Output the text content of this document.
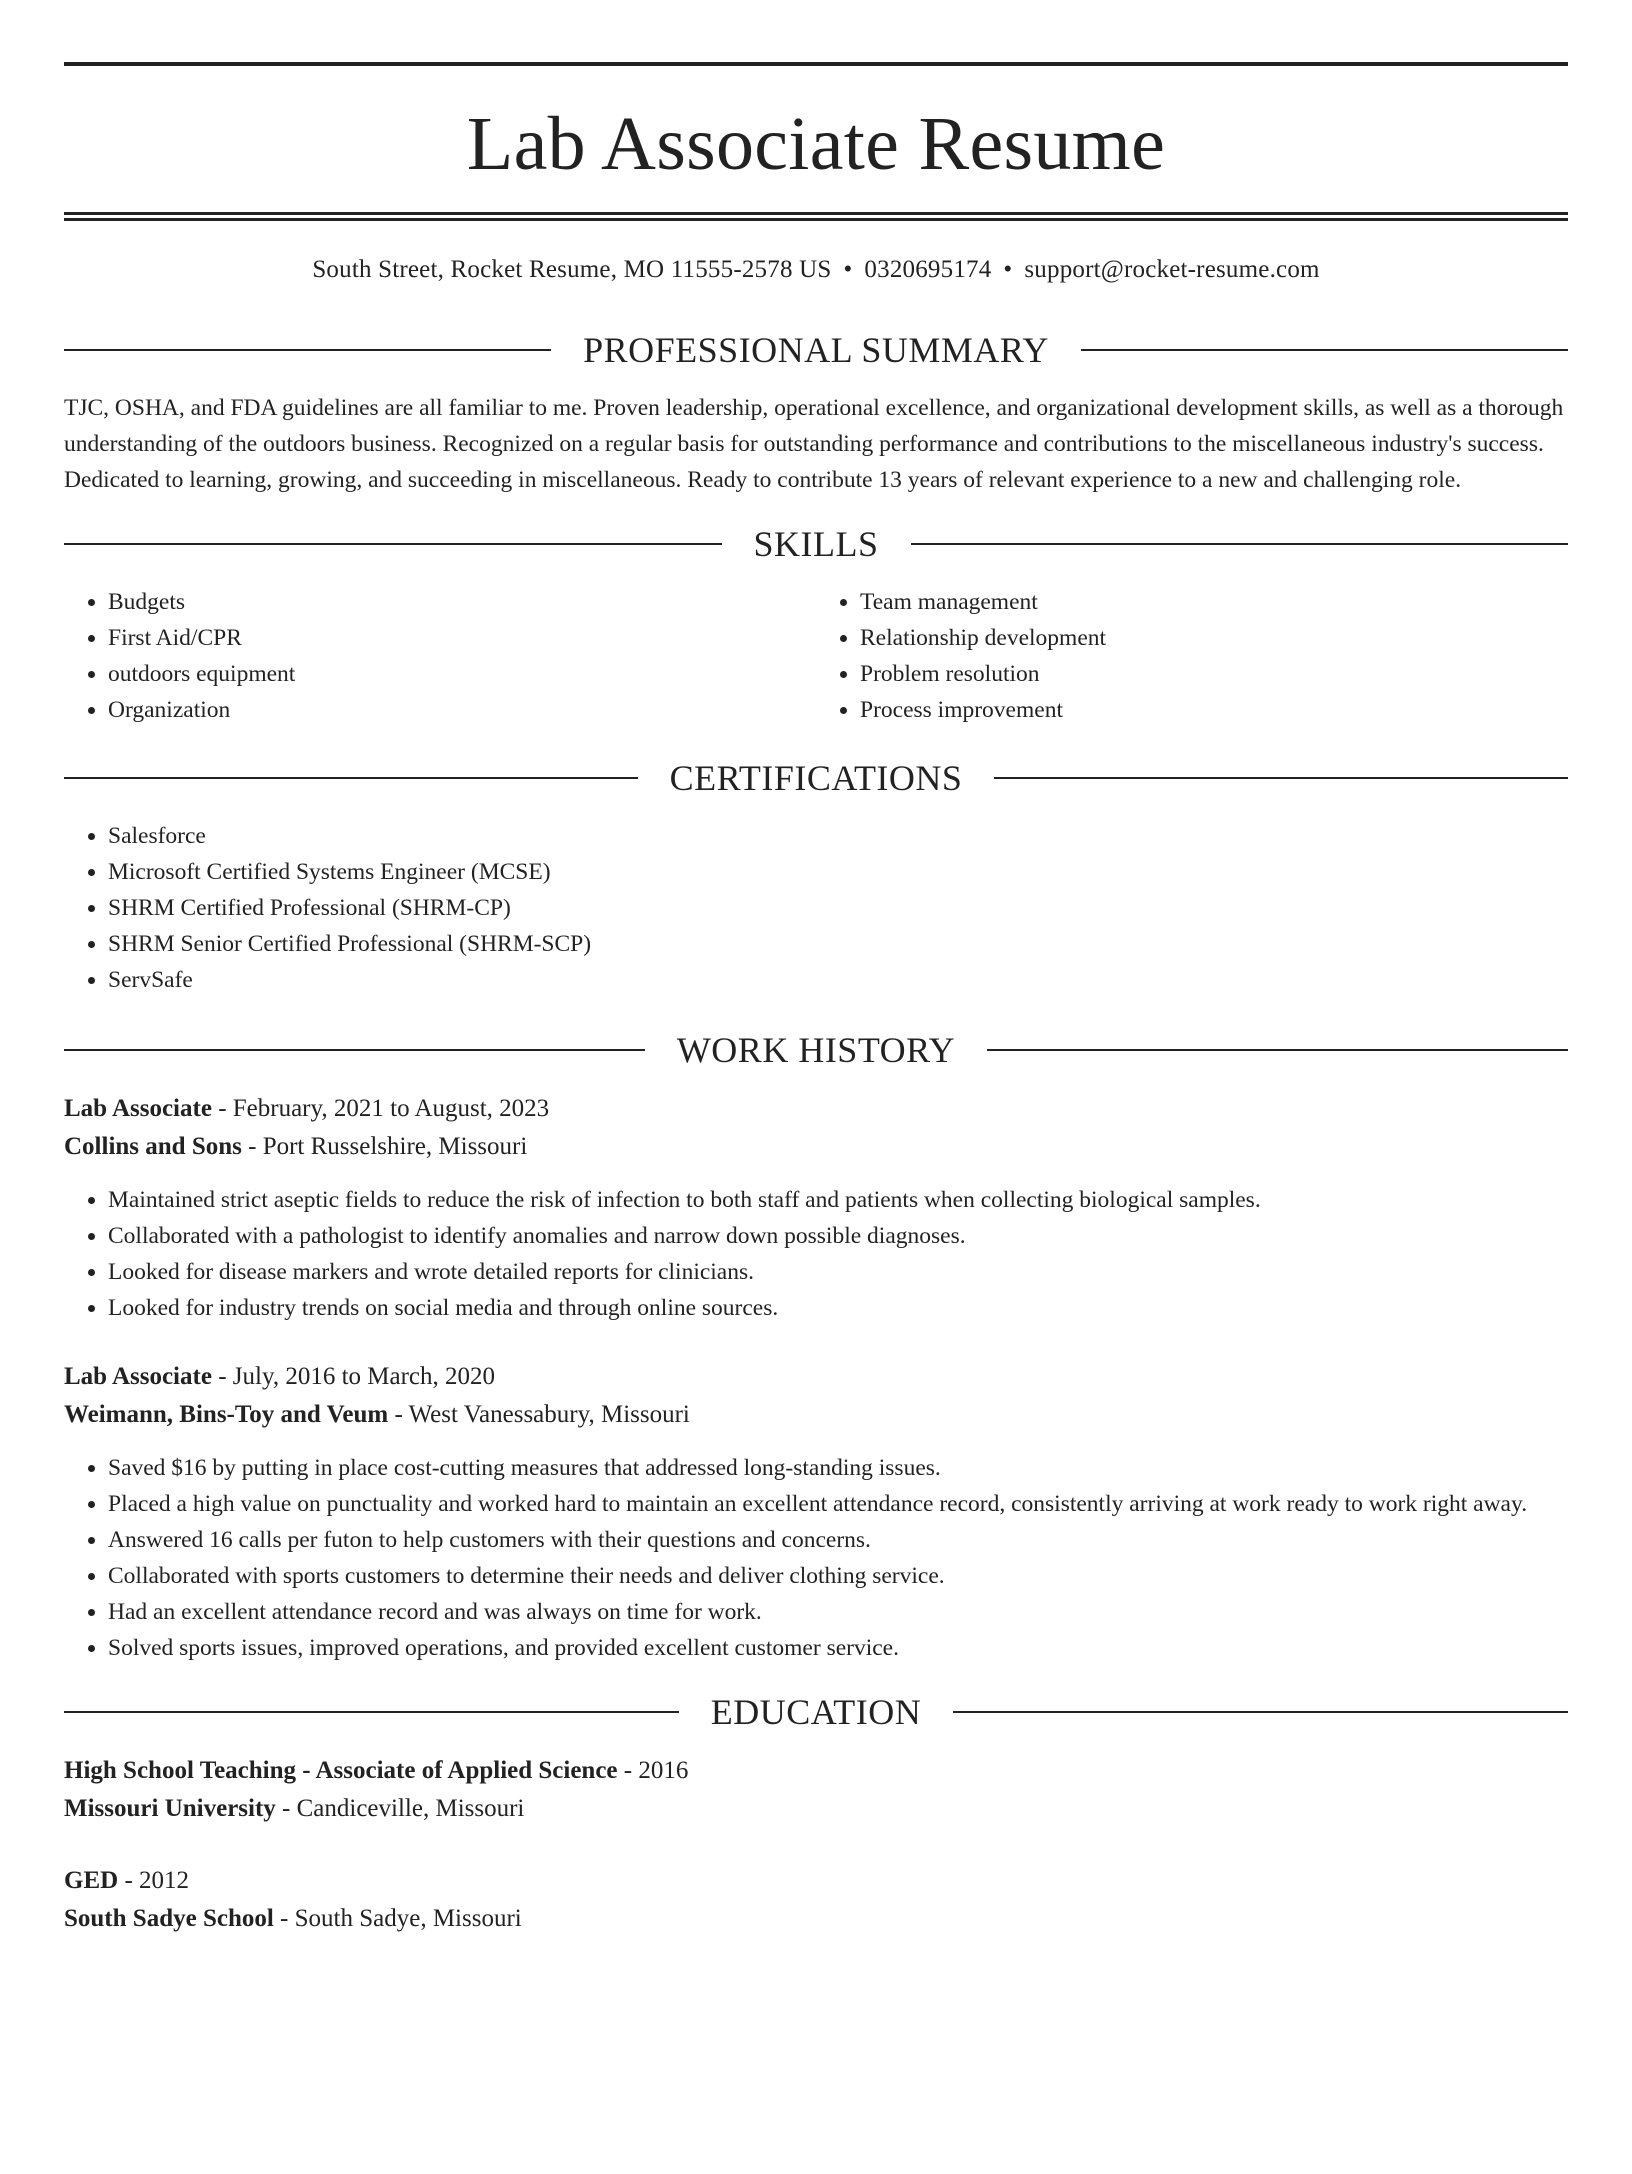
Lab Associate Resume
South Street, Rocket Resume, MO 11555-2578 US • 0320695174 • support@rocket-resume.com
PROFESSIONAL SUMMARY

TJC, OSHA, and FDA guidelines are all familiar to me. Proven leadership, operational excellence, and organizational development skills, as well as a thorough understanding of the outdoors business. Recognized on a regular basis for outstanding performance and contributions to the miscellaneous industry's success. Dedicated to learning, growing, and succeeding in miscellaneous. Ready to contribute 13 years of relevant experience to a new and challenging role.

SKILLS
• Budgets
• First Aid/CPR
• outdoors equipment
• Organization
• Team management
• Relationship development
• Problem resolution
• Process improvement
CERTIFICATIONS
• Salesforce
• Microsoft Certified Systems Engineer (MCSE)
• SHRM Certified Professional (SHRM-CP)
• SHRM Senior Certified Professional (SHRM-SCP)
• ServSafe
WORK HISTORY
Lab Associate - February, 2021 to August, 2023
Collins and Sons - Port Russelshire, Missouri
• Maintained strict aseptic fields to reduce the risk of infection to both staff and patients when collecting biological samples.
• Collaborated with a pathologist to identify anomalies and narrow down possible diagnoses.
• Looked for disease markers and wrote detailed reports for clinicians.
• Looked for industry trends on social media and through online sources.
Lab Associate - July, 2016 to March, 2020
Weimann, Bins-Toy and Veum - West Vanessabury, Missouri
• Saved $16 by putting in place cost-cutting measures that addressed long-standing issues.
• Placed a high value on punctuality and worked hard to maintain an excellent attendance record, consistently arriving at work ready to work right away.
• Answered 16 calls per futon to help customers with their questions and concerns.
• Collaborated with sports customers to determine their needs and deliver clothing service.
• Had an excellent attendance record and was always on time for work.
• Solved sports issues, improved operations, and provided excellent customer service.
EDUCATION
High School Teaching - Associate of Applied Science - 2016
Missouri University - Candiceville, Missouri
GED - 2012
South Sadye School - South Sadye, Missouri
